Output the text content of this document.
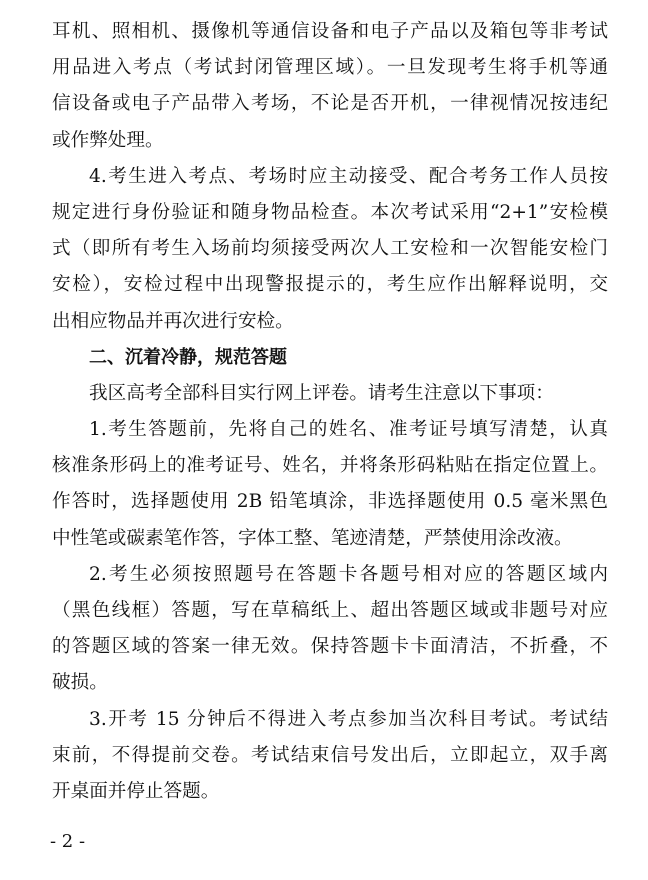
耳机、照相机、摄像机等通信设备和电子产品以及箱包等非考试
用品进入考点（考试封闭管理区域）。一旦发现考生将手机等通
信设备或电子产品带入考场，不论是否开机，一律视情况按违纪
或作弊处理。
4.考生进入考点、考场时应主动接受、配合考务工作人员按
规定进行身份验证和随身物品检查。本次考试采用“2+1”安检模
式（即所有考生入场前均须接受两次人工安检和一次智能安检门
安检），安检过程中出现警报提示的，考生应作出解释说明，交
出相应物品并再次进行安检。
二、沉着冷静，规范答题
我区高考全部科目实行网上评卷。请考生注意以下事项：
1.考生答题前，先将自己的姓名、准考证号填写清楚，认真
核准条形码上的准考证号、姓名，并将条形码粘贴在指定位置上。
作答时，选择题使用 2B 铅笔填涂，非选择题使用 0.5 毫米黑色
中性笔或碳素笔作答，字体工整、笔迹清楚，严禁使用涂改液。
2.考生必须按照题号在答题卡各题号相对应的答题区域内
（黑色线框）答题，写在草稿纸上、超出答题区域或非题号对应
的答题区域的答案一律无效。保持答题卡卡面清洁，不折叠，不
破损。
3.开考 15 分钟后不得进入考点参加当次科目考试。考试结
束前，不得提前交卷。考试结束信号发出后，立即起立，双手离
开桌面并停止答题。
- 2 -
